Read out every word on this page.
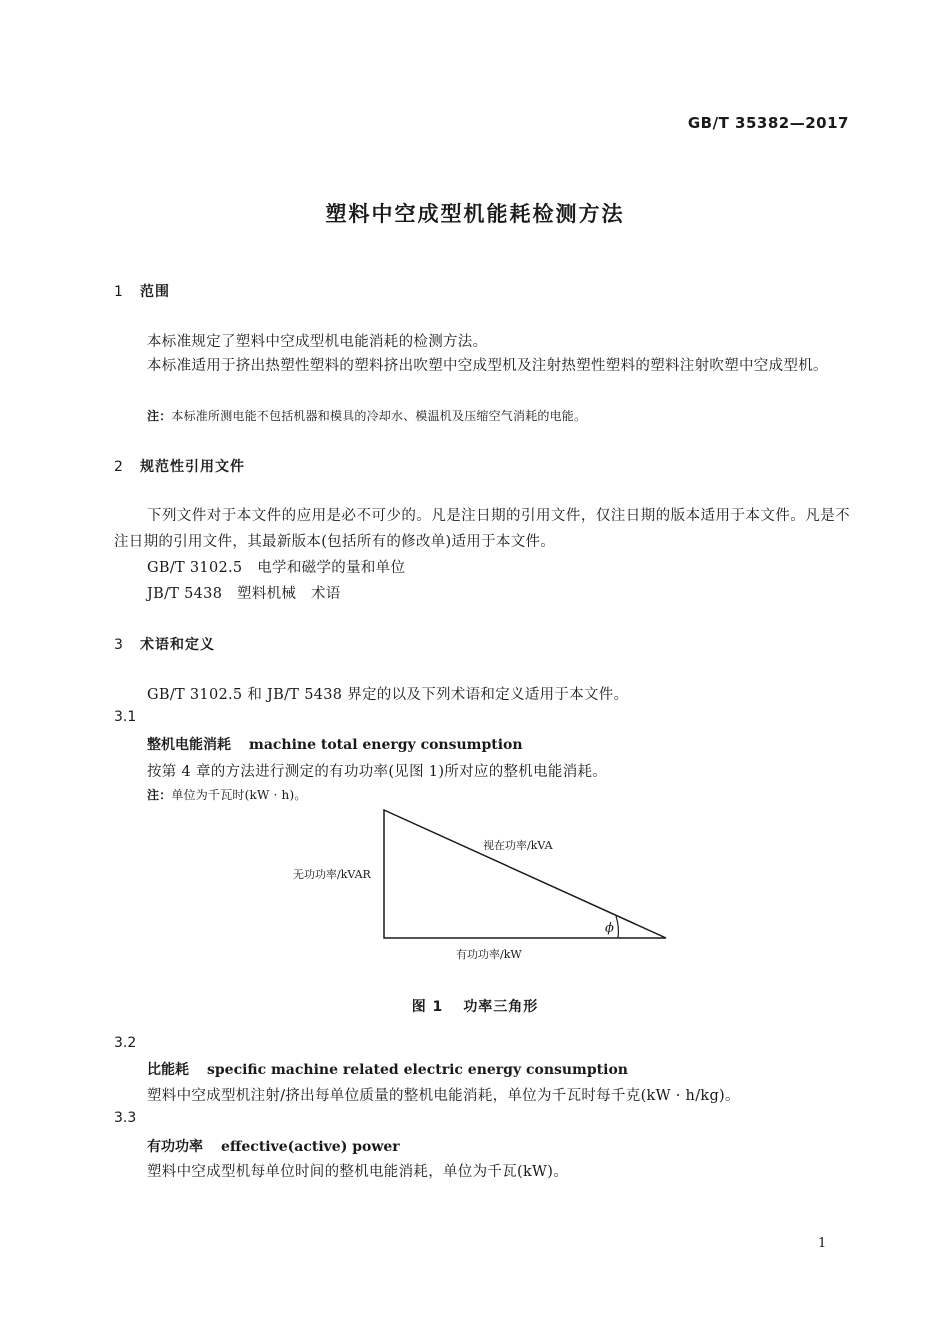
GB/T 35382—2017
塑料中空成型机能耗检测方法
1 范围
本标准规定了塑料中空成型机电能消耗的检测方法。
本标准适用于挤出热塑性塑料的塑料挤出吹塑中空成型机及注射热塑性塑料的塑料注射吹塑中空成型机。
注：本标准所测电能不包括机器和模具的冷却水、模温机及压缩空气消耗的电能。
2 规范性引用文件
下列文件对于本文件的应用是必不可少的。凡是注日期的引用文件，仅注日期的版本适用于本文件。凡是不注日期的引用文件，其最新版本(包括所有的修改单)适用于本文件。
GB/T 3102.5　电学和磁学的量和单位
JB/T 5438　塑料机械　术语
3 术语和定义
GB/T 3102.5 和 JB/T 5438 界定的以及下列术语和定义适用于本文件。
3.1
整机电能消耗 machine total energy consumption
按第 4 章的方法进行测定的有功功率(见图 1)所对应的整机电能消耗。
注：单位为千瓦时(kW · h)。
视在功率/kVA
无功功率/kVAR
有功功率/kW
ϕ
图 1 功率三角形
3.2
比能耗 specific machine related electric energy consumption
塑料中空成型机注射/挤出每单位质量的整机电能消耗，单位为千瓦时每千克(kW · h/kg)。
3.3
有功功率 effective(active) power
塑料中空成型机每单位时间的整机电能消耗，单位为千瓦(kW)。
1
